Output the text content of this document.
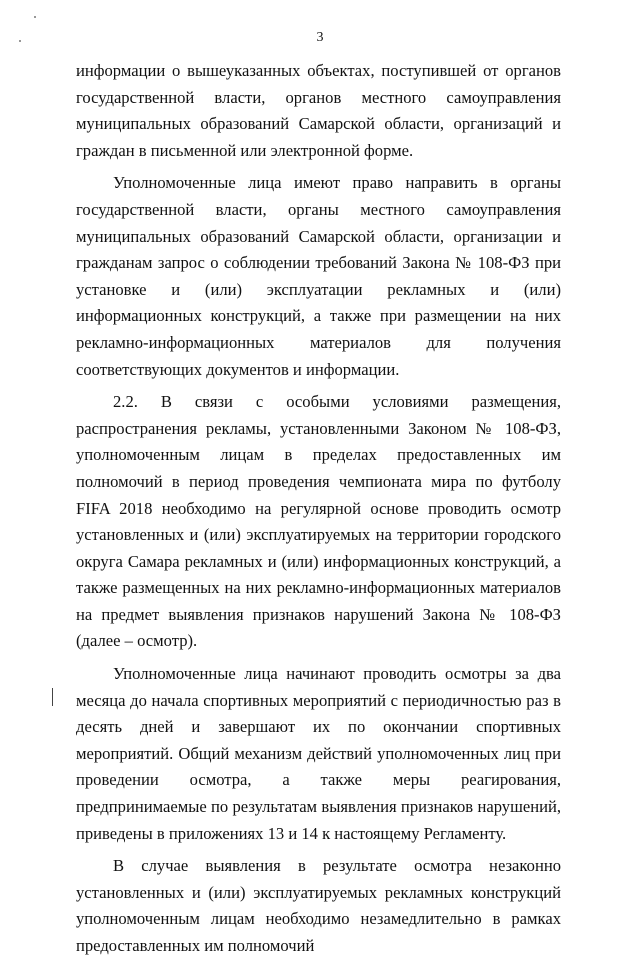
3

информации о вышеуказанных объектах, поступившей от органов государственной власти, органов местного самоуправления муниципальных образований Самарской области, организаций и граждан в письменной или электронной форме.

Уполномоченные лица имеют право направить в органы государственной власти, органы местного самоуправления муниципальных образований Самарской области, организации и гражданам запрос о соблюдении требований Закона № 108-ФЗ при установке и (или) эксплуатации рекламных и (или) информационных конструкций, а также при размещении на них рекламно-информационных материалов для получения соответствующих документов и информации.

2.2. В связи с особыми условиями размещения, распространения рекламы, установленными Законом № 108-ФЗ, уполномоченным лицам в пределах предоставленных им полномочий в период проведения чемпионата мира по футболу FIFA 2018 необходимо на регулярной основе проводить осмотр установленных и (или) эксплуатируемых на территории городского округа Самара рекламных и (или) информационных конструкций, а также размещенных на них рекламно-информационных материалов на предмет выявления признаков нарушений Закона № 108-ФЗ (далее – осмотр).

Уполномоченные лица начинают проводить осмотры за два месяца до начала спортивных мероприятий с периодичностью раз в десять дней и завершают их по окончании спортивных мероприятий. Общий механизм действий уполномоченных лиц при проведении осмотра, а также меры реагирования, предпринимаемые по результатам выявления признаков нарушений, приведены в приложениях 13 и 14 к настоящему Регламенту.

В случае выявления в результате осмотра незаконно установленных и (или) эксплуатируемых рекламных конструкций уполномоченным лицам необходимо незамедлительно в рамках предоставленных им полномочий
